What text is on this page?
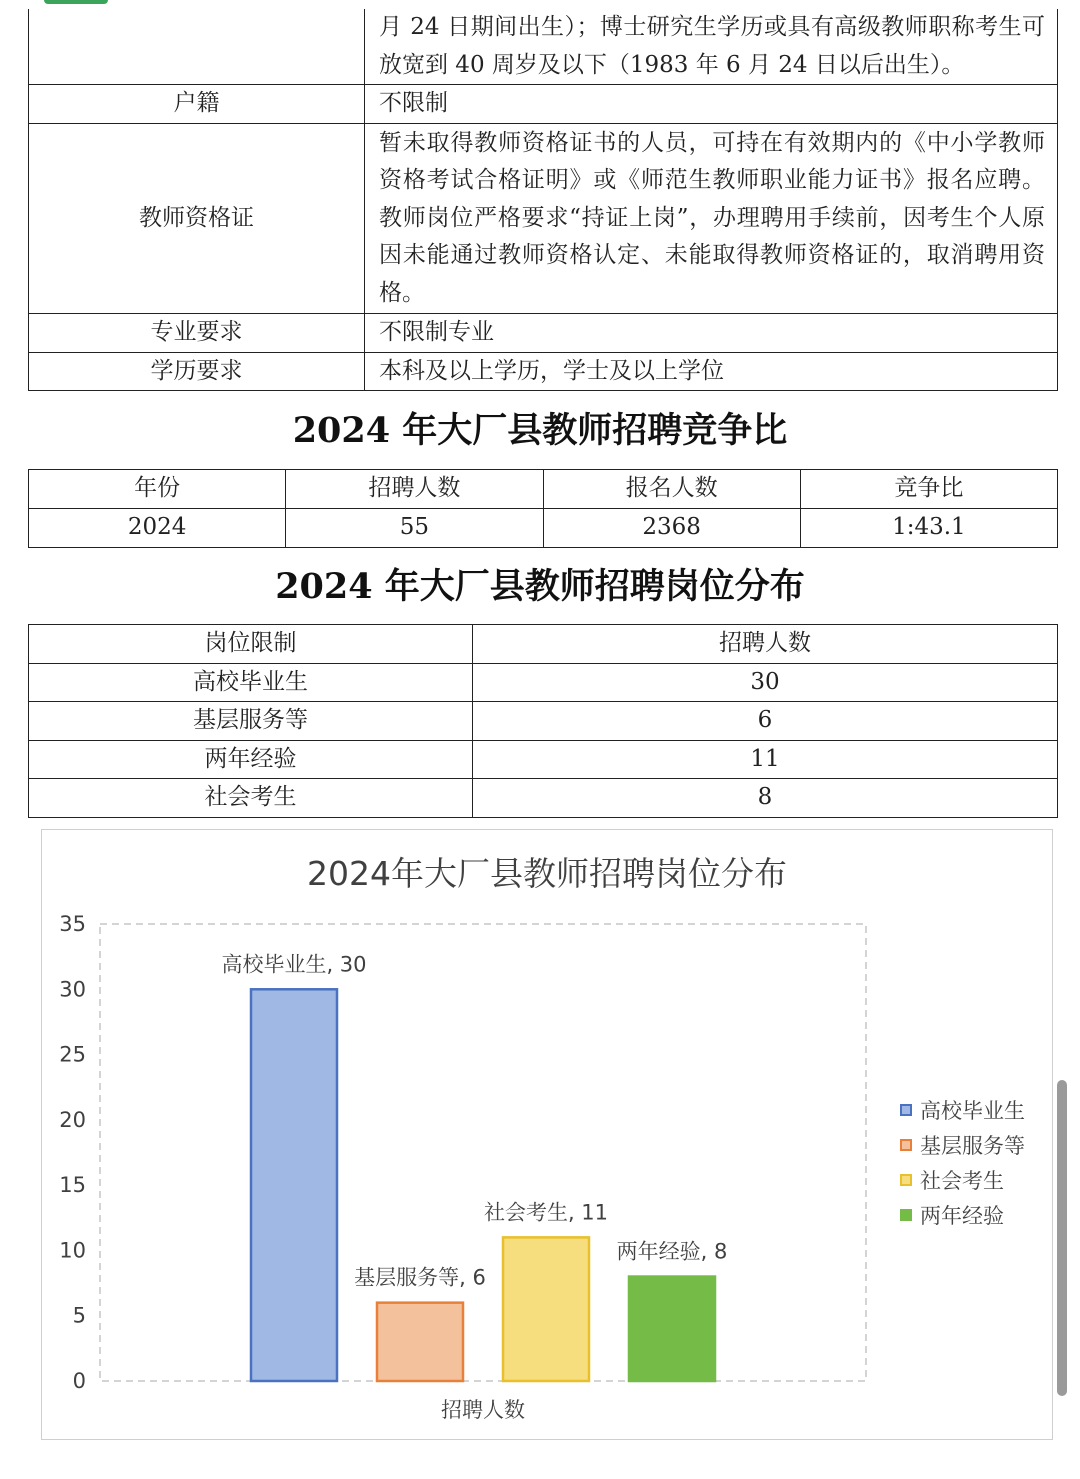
	月 24 日期间出生）；博士研究生学历或具有高级教师职称考生可放宽到 40 周岁及以下（1983 年 6 月 24 日以后出生）。
户籍	不限制
教师资格证	暂未取得教师资格证书的人员，可持在有效期内的《中小学教师资格考试合格证明》或《师范生教师职业能力证书》报名应聘。教师岗位严格要求“持证上岗”，办理聘用手续前，因考生个人原因未能通过教师资格认定、未能取得教师资格证的，取消聘用资格。
专业要求	不限制专业
学历要求	本科及以上学历，学士及以上学位
2024 年大厂县教师招聘竞争比
年份	招聘人数	报名人数	竞争比
2024	55	2368	1:43.1
2024 年大厂县教师招聘岗位分布
岗位限制	招聘人数
高校毕业生	30
基层服务等	6
两年经验	11
社会考生	8
2024年大厂县教师招聘岗位分布
0
5
10
15
20
25
30
35
高校毕业生, 30
基层服务等, 6
社会考生, 11
两年经验, 8
招聘人数
高校毕业生
基层服务等
社会考生
两年经验
